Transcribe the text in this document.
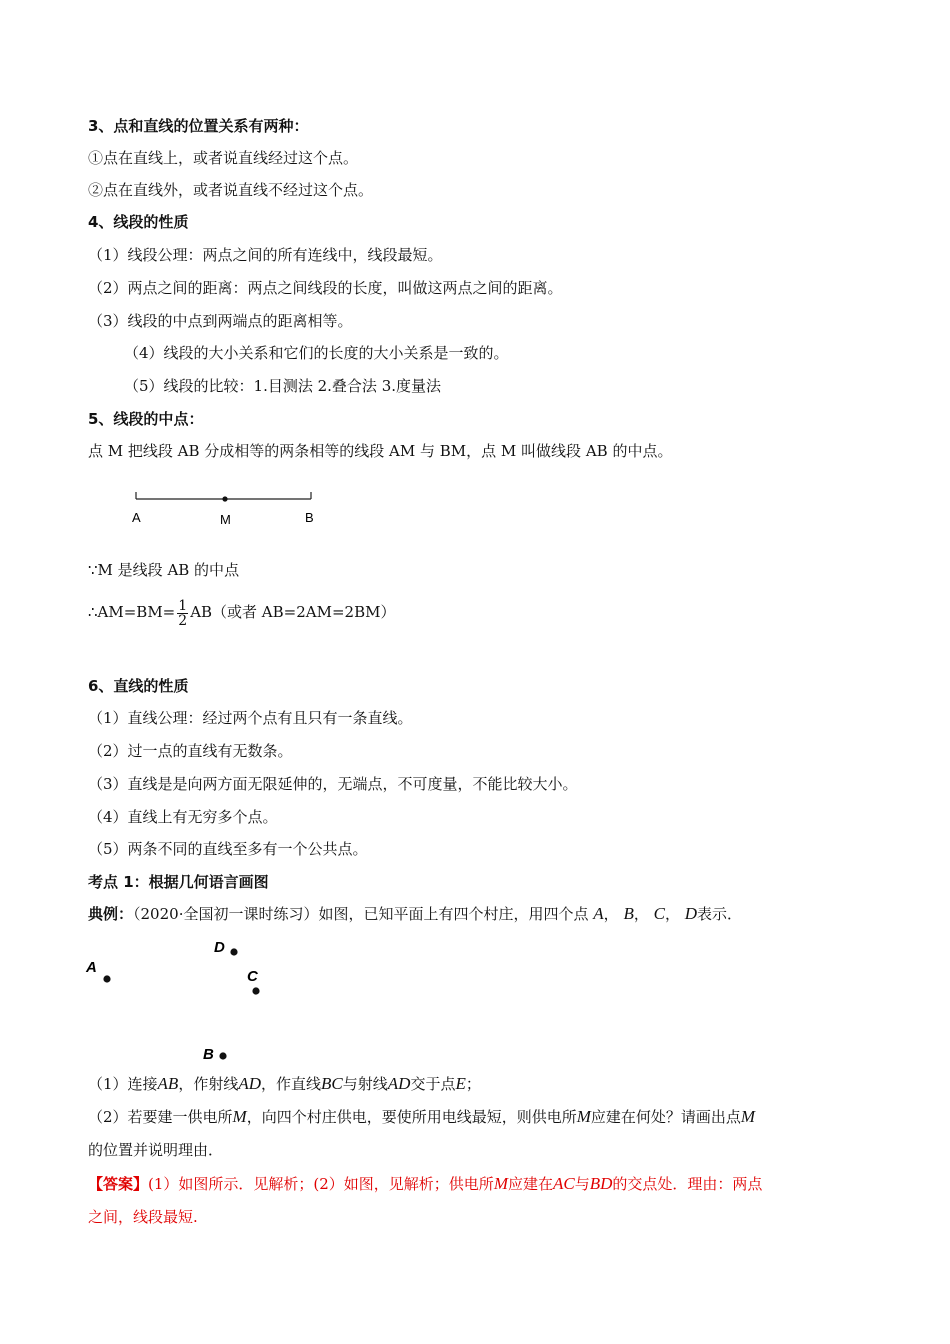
3、点和直线的位置关系有两种：
①点在直线上，或者说直线经过这个点。
②点在直线外，或者说直线不经过这个点。
4、线段的性质
（1）线段公理：两点之间的所有连线中，线段最短。
（2）两点之间的距离：两点之间线段的长度，叫做这两点之间的距离。
（3）线段的中点到两端点的距离相等。
（4）线段的大小关系和它们的长度的大小关系是一致的。
（5）线段的比较：1.目测法 2.叠合法 3.度量法
5、线段的中点：
点 M 把线段 AB 分成相等的两条相等的线段 AM 与 BM，点 M 叫做线段 AB 的中点。
A	M	B
∵M 是线段 AB 的中点
∴AM=BM= $\frac{1}{2} AB$（或者 AB=2AM=2BM）
6、直线的性质
（1）直线公理：经过两个点有且只有一条直线。
（2）过一点的直线有无数条。
（3）直线是是向两方面无限延伸的，无端点，不可度量，不能比较大小。
（4）直线上有无穷多个点。
（5）两条不同的直线至多有一个公共点。
考点 1：根据几何语言画图
典例：（2020·全国初一课时练习）如图，已知平面上有四个村庄，用四个点 A， B， C， D表示．
A
D
C
B
（1）连接AB，作射线AD，作直线BC与射线AD交于点E；
（2）若要建一供电所M，向四个村庄供电，要使所用电线最短，则供电所M应建在何处？请画出点M
的位置并说明理由．
【答案】(1）如图所示．见解析；(2）如图，见解析；供电所M应建在AC与BD的交点处．理由：两点
之间，线段最短.
